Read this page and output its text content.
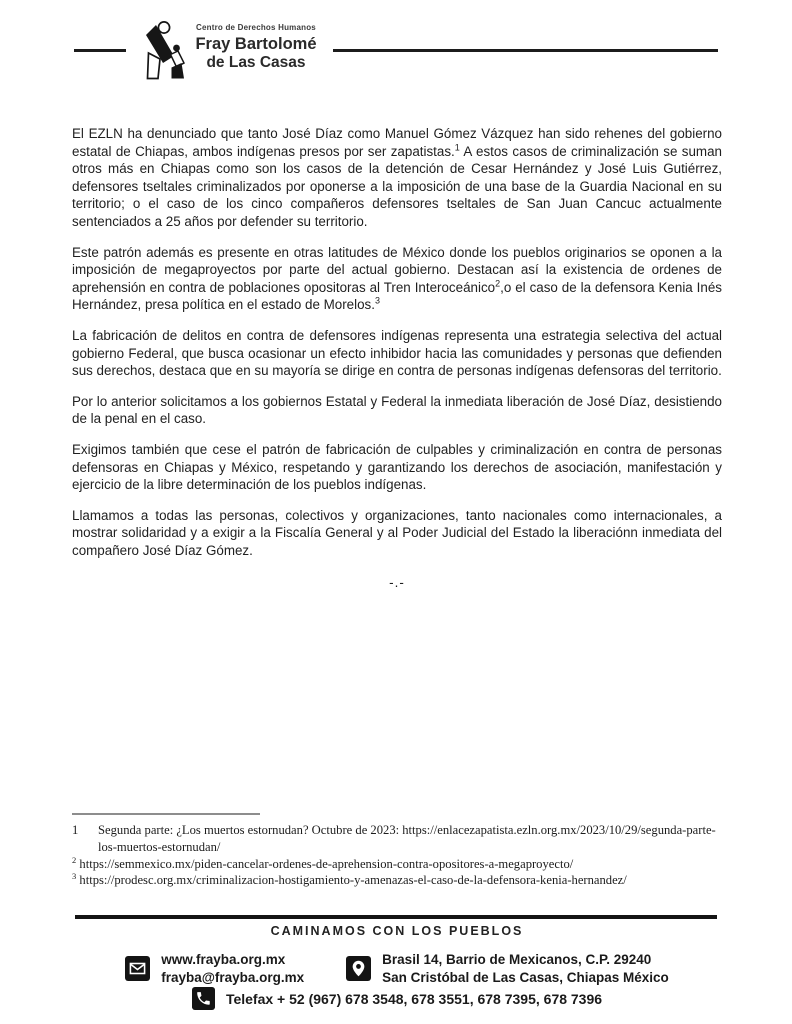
Centro de Derechos Humanos
Fray Bartolomé
de Las Casas

El EZLN ha denunciado que tanto José Díaz como Manuel Gómez Vázquez han sido rehenes del gobierno estatal de Chiapas, ambos indígenas presos por ser zapatistas.$^1$ A estos casos de criminalización se suman otros más en Chiapas como son los casos de la detención de Cesar Hernández y José Luis Gutiérrez, defensores tseltales criminalizados por oponerse a la imposición de una base de la Guardia Nacional en su territorio; o el caso de los cinco compañeros defensores tseltales de San Juan Cancuc actualmente sentenciados a 25 años por defender su territorio.

Este patrón además es presente en otras latitudes de México donde los pueblos originarios se oponen a la imposición de megaproyectos por parte del actual gobierno. Destacan así la existencia de ordenes de aprehensión en contra de poblaciones opositoras al Tren Interoceánico$^2$,o el caso de la defensora Kenia Inés Hernández, presa política en el estado de Morelos.$^3$

La fabricación de delitos en contra de defensores indígenas representa una estrategia selectiva del actual gobierno Federal, que busca ocasionar un efecto inhibidor hacia las comunidades y personas que defienden sus derechos, destaca que en su mayoría se dirige en contra de personas indígenas defensoras del territorio.

Por lo anterior solicitamos a los gobiernos Estatal y Federal la inmediata liberación de José Díaz, desistiendo de la penal en el caso.

Exigimos también que cese el patrón de fabricación de culpables y criminalización en contra de personas defensoras en Chiapas y México, respetando y garantizando los derechos de asociación, manifestación y ejercicio de la libre determinación de los pueblos indígenas.

Llamamos a todas las personas, colectivos y organizaciones, tanto nacionales como internacionales, a mostrar solidaridad y a exigir a la Fiscalía General y al Poder Judicial del Estado la liberaciónn inmediata del compañero José Díaz Gómez.

-.-
1 Segunda parte: ¿Los muertos estornudan? Octubre de 2023: https://enlacezapatista.ezln.org.mx/2023/10/29/segunda-parte-los-muertos-estornudan/
$^2$ https://semmexico.mx/piden-cancelar-ordenes-de-aprehension-contra-opositores-a-megaproyecto/
$^3$ https://prodesc.org.mx/criminalizacion-hostigamiento-y-amenazas-el-caso-de-la-defensora-kenia-hernandez/
CAMINAMOS CON LOS PUEBLOS
www.frayba.org.mx
frayba@frayba.org.mx
Brasil 14, Barrio de Mexicanos, C.P. 29240
San Cristóbal de Las Casas, Chiapas México
Telefax + 52 (967) 678 3548, 678 3551, 678 7395, 678 7396
